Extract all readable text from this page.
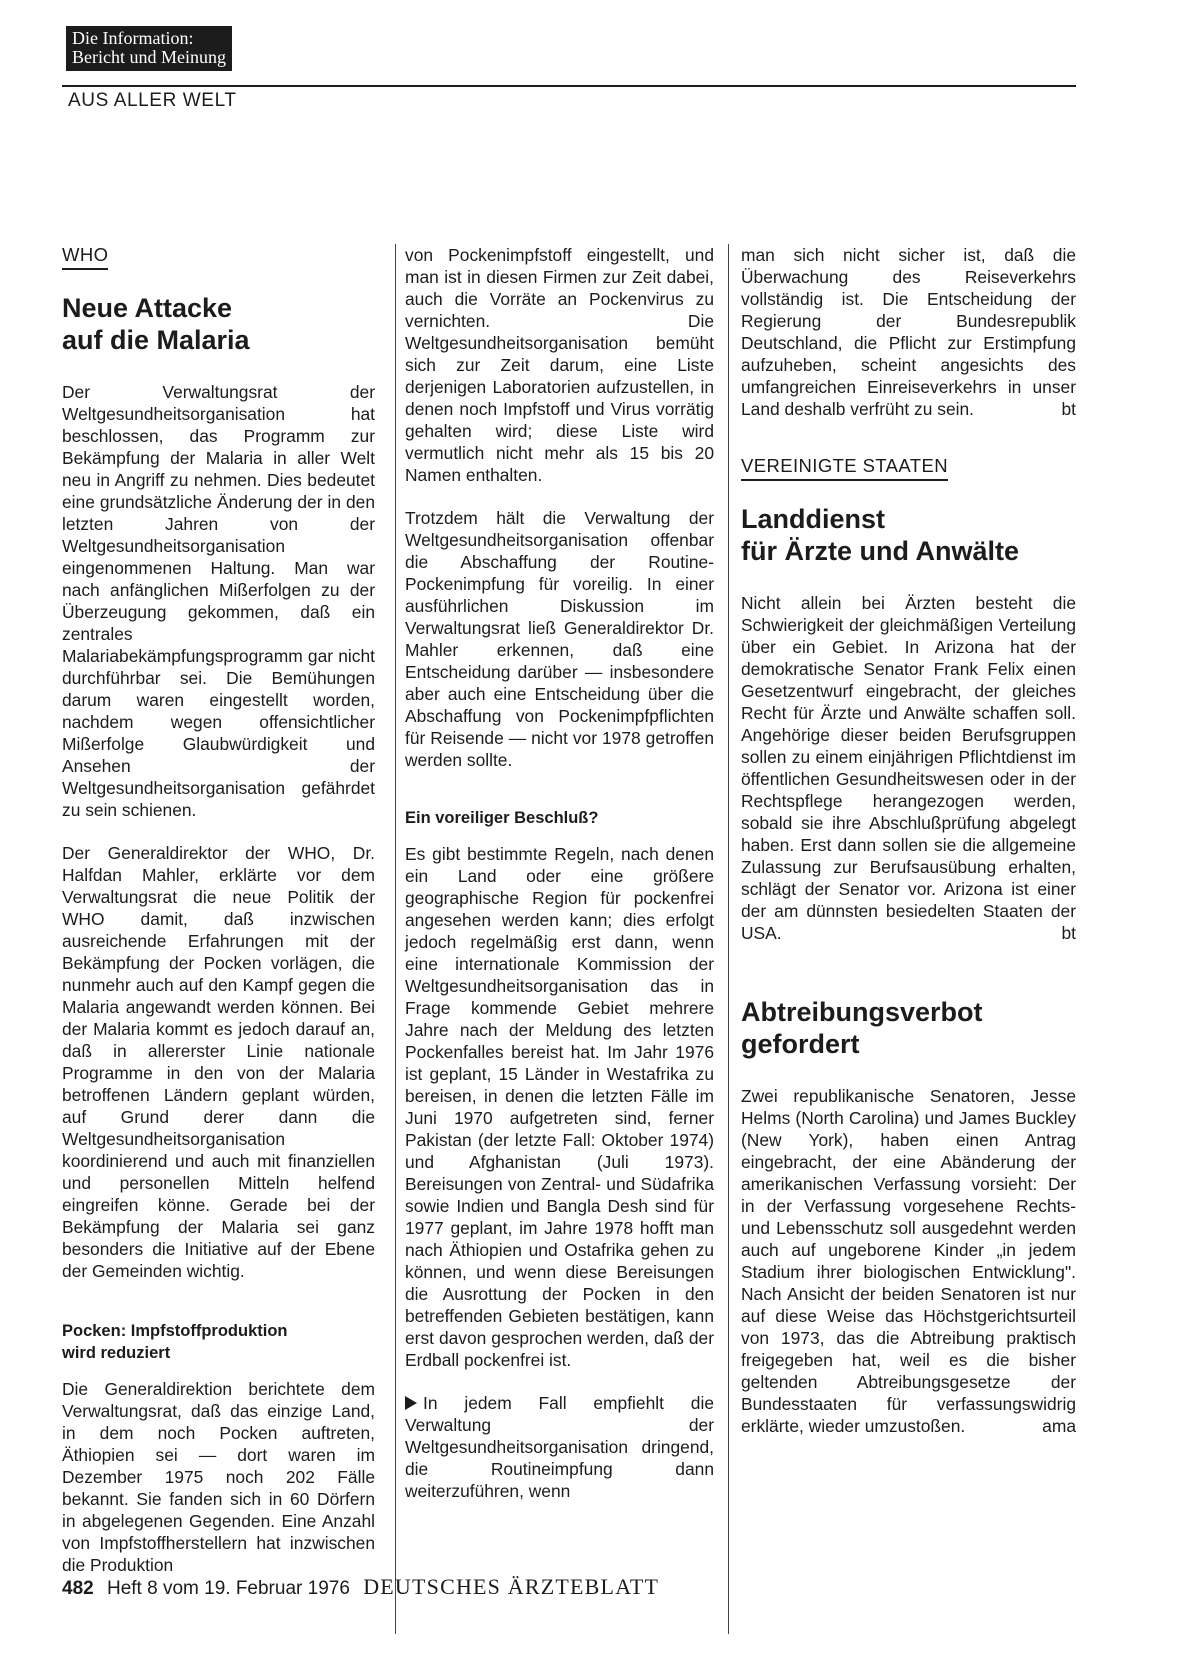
Die Information:
Bericht und Meinung
AUS ALLER WELT
WHO
Neue Attacke
auf die Malaria

Der Verwaltungsrat der Weltgesundheitsorganisation hat beschlossen, das Programm zur Bekämpfung der Malaria in aller Welt neu in Angriff zu nehmen. Dies bedeutet eine grundsätzliche Änderung der in den letzten Jahren von der Weltgesundheitsorganisation eingenommenen Haltung. Man war nach anfänglichen Mißerfolgen zu der Überzeugung gekommen, daß ein zentrales Malariabekämpfungsprogramm gar nicht durchführbar sei. Die Bemühungen darum waren eingestellt worden, nachdem wegen offensichtlicher Mißerfolge Glaubwürdigkeit und Ansehen der Weltgesundheitsorganisation gefährdet zu sein schienen.

Der Generaldirektor der WHO, Dr. Halfdan Mahler, erklärte vor dem Verwaltungsrat die neue Politik der WHO damit, daß inzwischen ausreichende Erfahrungen mit der Bekämpfung der Pocken vorlägen, die nunmehr auch auf den Kampf gegen die Malaria angewandt werden können. Bei der Malaria kommt es jedoch darauf an, daß in allererster Linie nationale Programme in den von der Malaria betroffenen Ländern geplant würden, auf Grund derer dann die Weltgesundheitsorganisation koordinierend und auch mit finanziellen und personellen Mitteln helfend eingreifen könne. Gerade bei der Bekämpfung der Malaria sei ganz besonders die Initiative auf der Ebene der Gemeinden wichtig.

Pocken: Impfstoffproduktion
wird reduziert

Die Generaldirektion berichtete dem Verwaltungsrat, daß das einzige Land, in dem noch Pocken auftreten, Äthiopien sei — dort waren im Dezember 1975 noch 202 Fälle bekannt. Sie fanden sich in 60 Dörfern in abgelegenen Gegenden. Eine Anzahl von Impfstoffherstellern hat inzwischen die Produktion

von Pockenimpfstoff eingestellt, und man ist in diesen Firmen zur Zeit dabei, auch die Vorräte an Pockenvirus zu vernichten. Die Weltgesundheitsorganisation bemüht sich zur Zeit darum, eine Liste derjenigen Laboratorien aufzustellen, in denen noch Impfstoff und Virus vorrätig gehalten wird; diese Liste wird vermutlich nicht mehr als 15 bis 20 Namen enthalten.

Trotzdem hält die Verwaltung der Weltgesundheitsorganisation offenbar die Abschaffung der Routine-Pockenimpfung für voreilig. In einer ausführlichen Diskussion im Verwaltungsrat ließ Generaldirektor Dr. Mahler erkennen, daß eine Entscheidung darüber — insbesondere aber auch eine Entscheidung über die Abschaffung von Pockenimpfpflichten für Reisende — nicht vor 1978 getroffen werden sollte.

Ein voreiliger Beschluß?

Es gibt bestimmte Regeln, nach denen ein Land oder eine größere geographische Region für pockenfrei angesehen werden kann; dies erfolgt jedoch regelmäßig erst dann, wenn eine internationale Kommission der Weltgesundheitsorganisation das in Frage kommende Gebiet mehrere Jahre nach der Meldung des letzten Pockenfalles bereist hat. Im Jahr 1976 ist geplant, 15 Länder in Westafrika zu bereisen, in denen die letzten Fälle im Juni 1970 aufgetreten sind, ferner Pakistan (der letzte Fall: Oktober 1974) und Afghanistan (Juli 1973). Bereisungen von Zentral- und Südafrika sowie Indien und Bangla Desh sind für 1977 geplant, im Jahre 1978 hofft man nach Äthiopien und Ostafrika gehen zu können, und wenn diese Bereisungen die Ausrottung der Pocken in den betreffenden Gebieten bestätigen, kann erst davon gesprochen werden, daß der Erdball pockenfrei ist.

In jedem Fall empfiehlt die Verwaltung der Weltgesundheitsorganisation dringend, die Routineimpfung dann weiterzuführen, wenn

man sich nicht sicher ist, daß die Überwachung des Reiseverkehrs vollständig ist. Die Entscheidung der Regierung der Bundesrepublik Deutschland, die Pflicht zur Erstimpfung aufzuheben, scheint angesichts des umfangreichen Einreiseverkehrs in unser Land deshalb verfrüht zu sein.	bt

VEREINIGTE STAATEN
Landdienst
für Ärzte und Anwälte

Nicht allein bei Ärzten besteht die Schwierigkeit der gleichmäßigen Verteilung über ein Gebiet. In Arizona hat der demokratische Senator Frank Felix einen Gesetzentwurf eingebracht, der gleiches Recht für Ärzte und Anwälte schaffen soll. Angehörige dieser beiden Berufsgruppen sollen zu einem einjährigen Pflichtdienst im öffentlichen Gesundheitswesen oder in der Rechtspflege herangezogen werden, sobald sie ihre Abschlußprüfung abgelegt haben. Erst dann sollen sie die allgemeine Zulassung zur Berufsausübung erhalten, schlägt der Senator vor. Arizona ist einer der am dünnsten besiedelten Staaten der USA.	bt

Abtreibungsverbot
gefordert

Zwei republikanische Senatoren, Jesse Helms (North Carolina) und James Buckley (New York), haben einen Antrag eingebracht, der eine Abänderung der amerikanischen Verfassung vorsieht: Der in der Verfassung vorgesehene Rechts- und Lebensschutz soll ausgedehnt werden auch auf ungeborene Kinder „in jedem Stadium ihrer biologischen Entwicklung". Nach Ansicht der beiden Senatoren ist nur auf diese Weise das Höchstgerichtsurteil von 1973, das die Abtreibung praktisch freigegeben hat, weil es die bisher geltenden Abtreibungsgesetze der Bundesstaaten für verfassungswidrig erklärte, wieder umzustoßen.	ama

482 Heft 8 vom 19. Februar 1976 DEUTSCHES ÄRZTEBLATT
